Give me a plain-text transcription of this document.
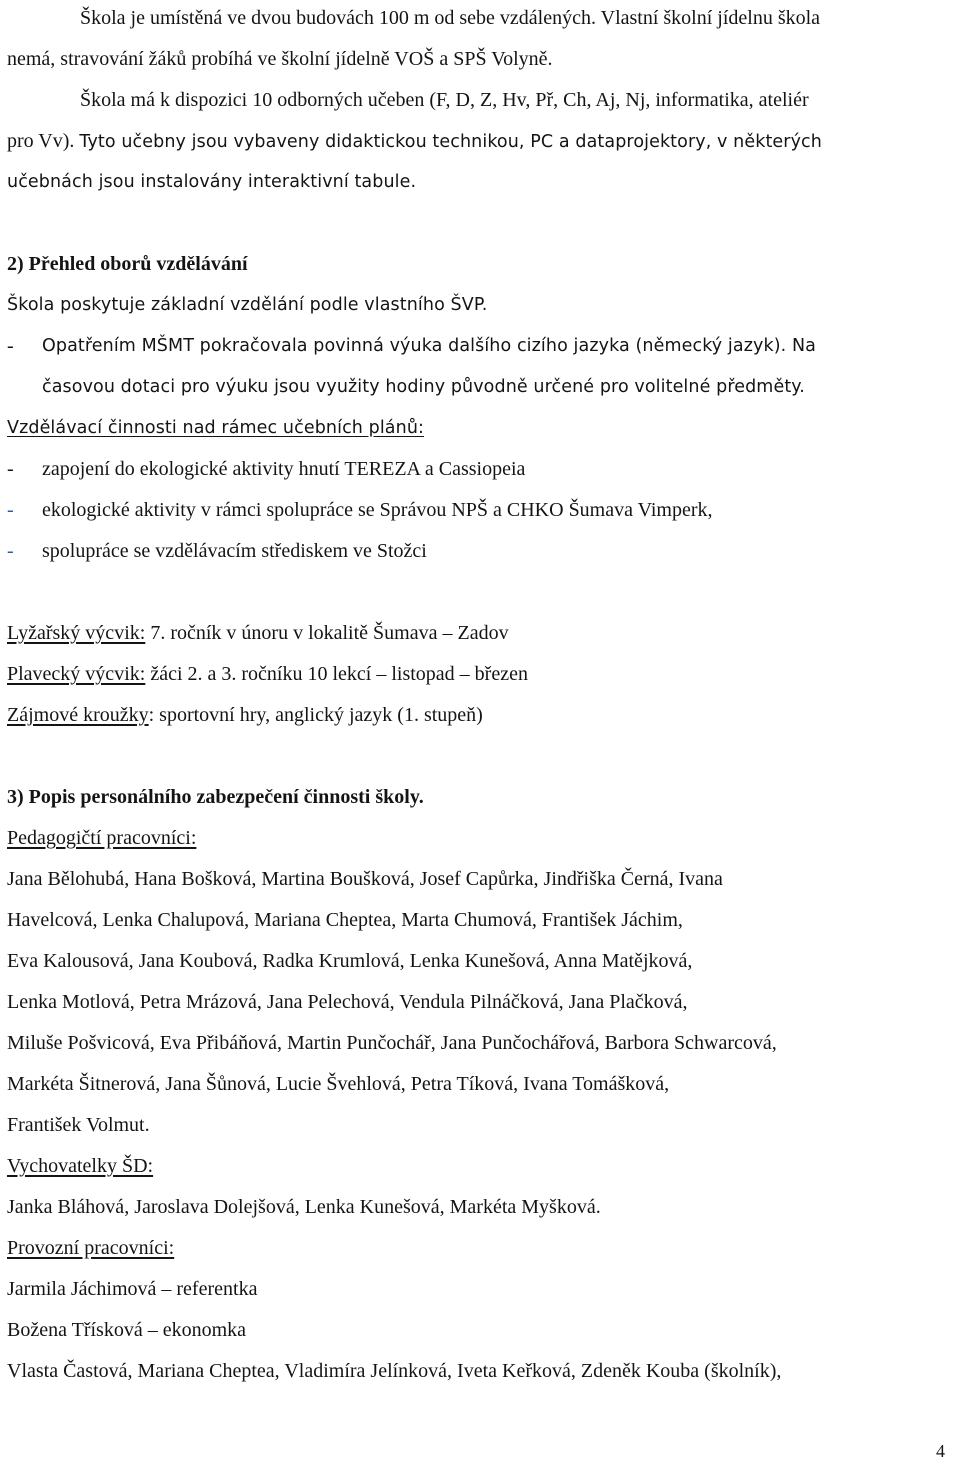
Škola je umístěná ve dvou budovách 100 m od sebe vzdálených. Vlastní školní jídelnu škola
nemá, stravování žáků probíhá ve školní jídelně VOŠ a SPŠ Volyně.
Škola má k dispozici 10 odborných učeben (F, D, Z, Hv, Př, Ch, Aj, Nj, informatika, ateliér
pro Vv). Tyto učebny jsou vybaveny didaktickou technikou, PC a dataprojektory, v některých
učebnách jsou instalovány interaktivní tabule.
2) Přehled oborů vzdělávání
Škola poskytuje základní vzdělání podle vlastního ŠVP.
- Opatřením MŠMT pokračovala povinná výuka dalšího cizího jazyka (německý jazyk). Na
časovou dotaci pro výuku jsou využity hodiny původně určené pro volitelné předměty.
Vzdělávací činnosti nad rámec učebních plánů:
- zapojení do ekologické aktivity hnutí TEREZA a Cassiopeia
- ekologické aktivity v rámci spolupráce se Správou NPŠ a CHKO Šumava Vimperk,
- spolupráce se vzdělávacím střediskem ve Stožci
Lyžařský výcvik: 7. ročník v únoru v lokalitě Šumava – Zadov
Plavecký výcvik: žáci 2. a 3. ročníku 10 lekcí – listopad – březen
Zájmové kroužky: sportovní hry, anglický jazyk (1. stupeň)
3) Popis personálního zabezpečení činnosti školy.
Pedagogičtí pracovníci:
Jana Bělohubá, Hana Bošková, Martina Boušková, Josef Capůrka, Jindřiška Černá, Ivana
Havelcová, Lenka Chalupová, Mariana Cheptea, Marta Chumová, František Jáchim,
Eva Kalousová, Jana Koubová, Radka Krumlová, Lenka Kunešová, Anna Matějková,
Lenka Motlová, Petra Mrázová, Jana Pelechová, Vendula Pilnáčková, Jana Plačková,
Miluše Pošvicová, Eva Přibáňová, Martin Punčochář, Jana Punčochářová, Barbora Schwarcová,
Markéta Šitnerová, Jana Šůnová, Lucie Švehlová, Petra Tíková, Ivana Tomášková,
František Volmut.
Vychovatelky ŠD:
Janka Bláhová, Jaroslava Dolejšová, Lenka Kunešová, Markéta Myšková.
Provozní pracovníci:
Jarmila Jáchimová – referentka
Božena Třísková – ekonomka
Vlasta Častová, Mariana Cheptea, Vladimíra Jelínková, Iveta Keřková, Zdeněk Kouba (školník),
4
